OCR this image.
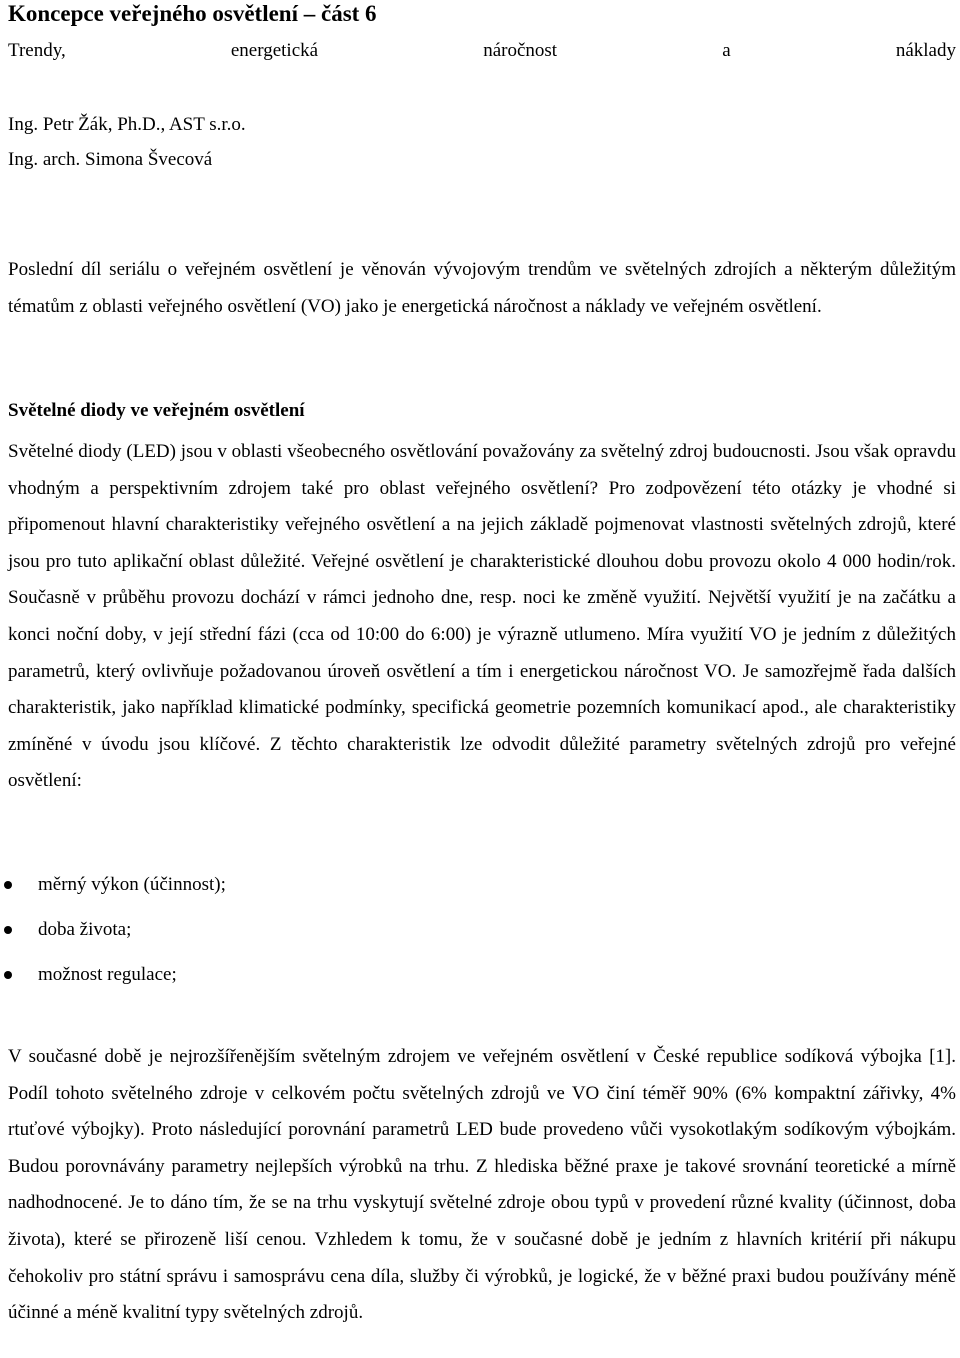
Koncepce veřejného osvětlení – část 6

Trendy,	energetická	náročnost	a	náklady

Ing. Petr Žák, Ph.D., AST s.r.o.

Ing. arch. Simona Švecová

Poslední díl seriálu o veřejném osvětlení je věnován vývojovým trendům ve světelných zdrojích a některým důležitým tématům z oblasti veřejného osvětlení (VO) jako je energetická náročnost a náklady ve veřejném osvětlení.

Světelné diody ve veřejném osvětlení

Světelné diody (LED) jsou v oblasti všeobecného osvětlování považovány za světelný zdroj budoucnosti. Jsou však opravdu vhodným a perspektivním zdrojem také pro oblast veřejného osvětlení? Pro zodpovězení této otázky je vhodné si připomenout hlavní charakteristiky veřejného osvětlení a na jejich základě pojmenovat vlastnosti světelných zdrojů, které jsou pro tuto aplikační oblast důležité. Veřejné osvětlení je charakteristické dlouhou dobu provozu okolo 4 000 hodin/rok. Současně v průběhu provozu dochází v rámci jednoho dne, resp. noci ke změně využití. Největší využití je na začátku a konci noční doby, v její střední fázi (cca od 10:00 do 6:00) je výrazně utlumeno. Míra využití VO je jedním z důležitých parametrů, který ovlivňuje požadovanou úroveň osvětlení a tím i energetickou náročnost VO. Je samozřejmě řada dalších charakteristik, jako například klimatické podmínky, specifická geometrie pozemních komunikací apod., ale charakteristiky zmíněné v úvodu jsou klíčové. Z těchto charakteristik lze odvodit důležité parametry světelných zdrojů pro veřejné osvětlení:

měrný výkon (účinnost);
doba života;
možnost regulace;

V současné době je nejrozšířenějším světelným zdrojem ve veřejném osvětlení v České republice sodíková výbojka [1]. Podíl tohoto světelného zdroje v celkovém počtu světelných zdrojů ve VO činí téměř 90% (6% kompaktní zářivky, 4% rtuťové výbojky). Proto následující porovnání parametrů LED bude provedeno vůči vysokotlakým sodíkovým výbojkám. Budou porovnávány parametry nejlepších výrobků na trhu. Z hlediska běžné praxe je takové srovnání teoretické a mírně nadhodnocené. Je to dáno tím, že se na trhu vyskytují světelné zdroje obou typů v provedení různé kvality (účinnost, doba života), které se přirozeně liší cenou. Vzhledem k tomu, že v současné době je jedním z hlavních kritérií při nákupu čehokoliv pro státní správu i samosprávu cena díla, služby či výrobků, je logické, že v běžné praxi budou používány méně účinné a méně kvalitní typy světelných zdrojů.
